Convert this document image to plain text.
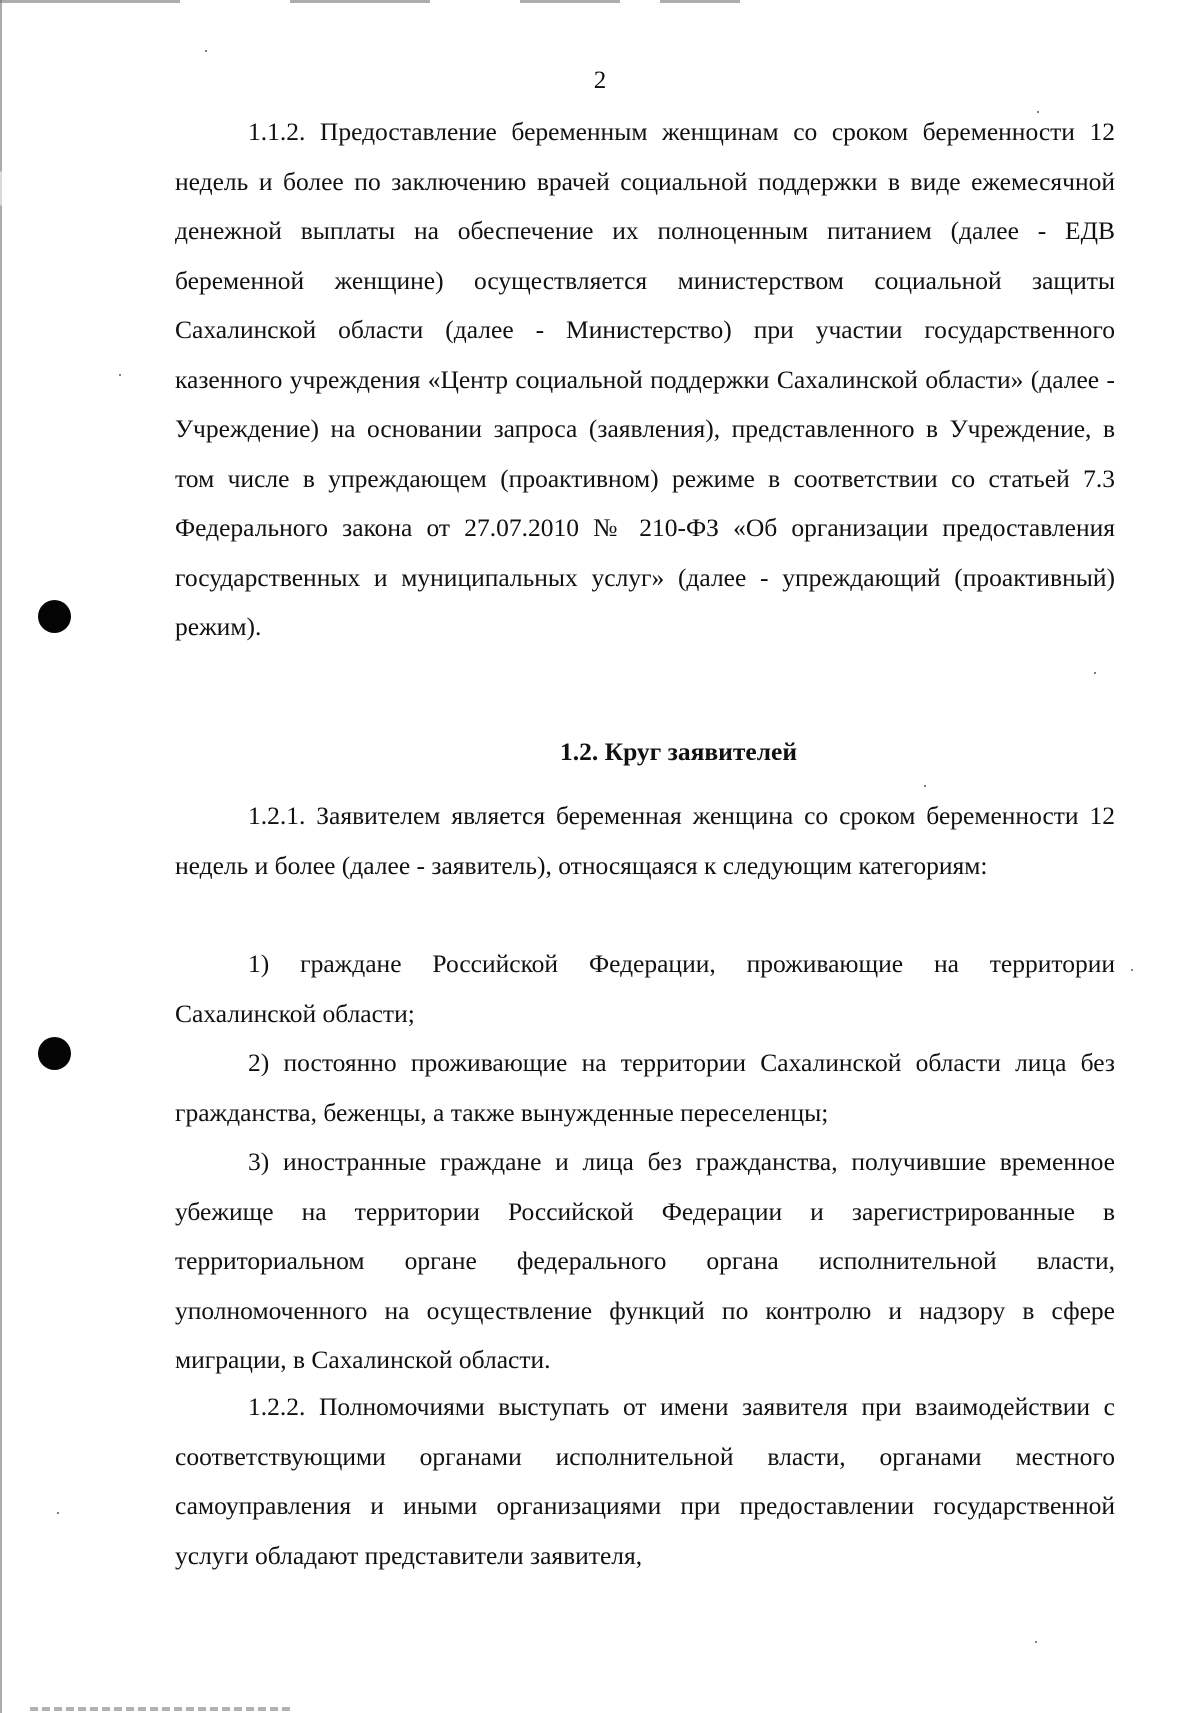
2

1.1.2. Предоставление беременным женщинам со сроком беременности 12 недель и более по заключению врачей социальной поддержки в виде ежемесячной денежной выплаты на обеспечение их полноценным питанием (далее - ЕДВ беременной женщине) осуществляется министерством социальной защиты Сахалинской области (далее - Министерство) при участии государственного казенного учреждения «Центр социальной поддержки Сахалинской области» (далее - Учреждение) на основании запроса (заявления), представленного в Учреждение, в том числе в упреждающем (проактивном) режиме в соответствии со статьей 7.3 Федерального закона от 27.07.2010 № 210-ФЗ «Об организации предоставления государственных и муниципальных услуг» (далее - упреждающий (проактивный) режим).

1.2. Круг заявителей

1.2.1. Заявителем является беременная женщина со сроком беременности 12 недель и более (далее - заявитель), относящаяся к следующим категориям:

1) граждане Российской Федерации, проживающие на территории Сахалинской области;

2) постоянно проживающие на территории Сахалинской области лица без гражданства, беженцы, а также вынужденные переселенцы;

3) иностранные граждане и лица без гражданства, получившие временное убежище на территории Российской Федерации и зарегистрированные в территориальном органе федерального органа исполнительной власти, уполномоченного на осуществление функций по контролю и надзору в сфере миграции, в Сахалинской области.

1.2.2. Полномочиями выступать от имени заявителя при взаимодействии с соответствующими органами исполнительной власти, органами местного самоуправления и иными организациями при предоставлении государственной услуги обладают представители заявителя,
